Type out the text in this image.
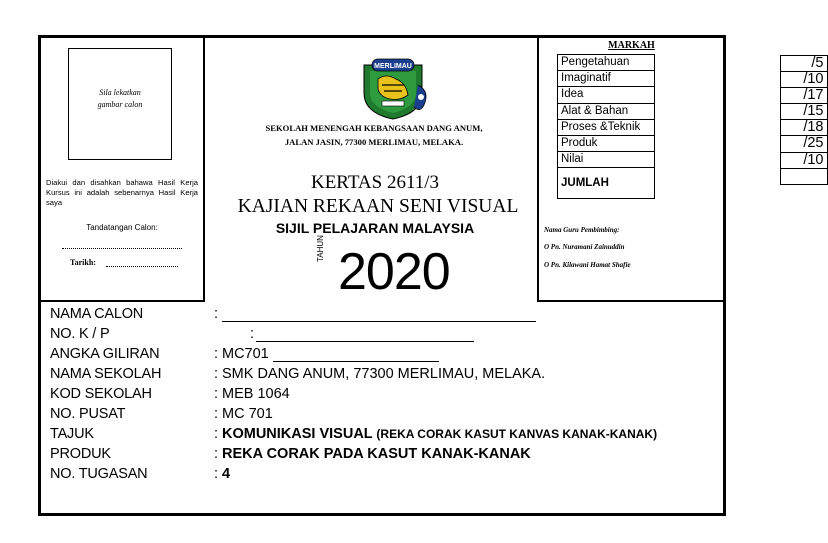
Sila lekatkan
gambar calon
Diakui dan disahkan bahawa Hasil Kerja Kursus ini adalah sebenarnya Hasil Kerja saya
Tandatangan Calon:
Tarikh:
MERLIMAU
SEKOLAH MENENGAH KEBANGSAAN DANG ANUM,
JALAN JASIN, 77300 MERLIMAU, MELAKA.
KERTAS 2611/3
KAJIAN REKAAN SENI VISUAL
SIJIL PELAJARAN MALAYSIA
TAHUN 2020
MARKAH
Pengetahuan		/5

Imaginatif		/10

Idea		/17

Alat & Bahan		/15

Proses &Teknik		/18

Produk		/25

Nilai		/10

JUMLAH	
Nama Guru Pembimbing:
O Pn. Nuramani Zainuddin
O Pn. Kilawani Hamat Shafie
NAMA CALON	:
NO. K / P	:
ANGKA GILIRAN	: MC701
NAMA SEKOLAH	: SMK DANG ANUM, 77300 MERLIMAU, MELAKA.
KOD SEKOLAH	: MEB 1064
NO. PUSAT	: MC 701
TAJUK	: KOMUNIKASI VISUAL (REKA CORAK KASUT KANVAS KANAK-KANAK)
PRODUK	: REKA CORAK PADA KASUT KANAK-KANAK
NO. TUGASAN	: 4
